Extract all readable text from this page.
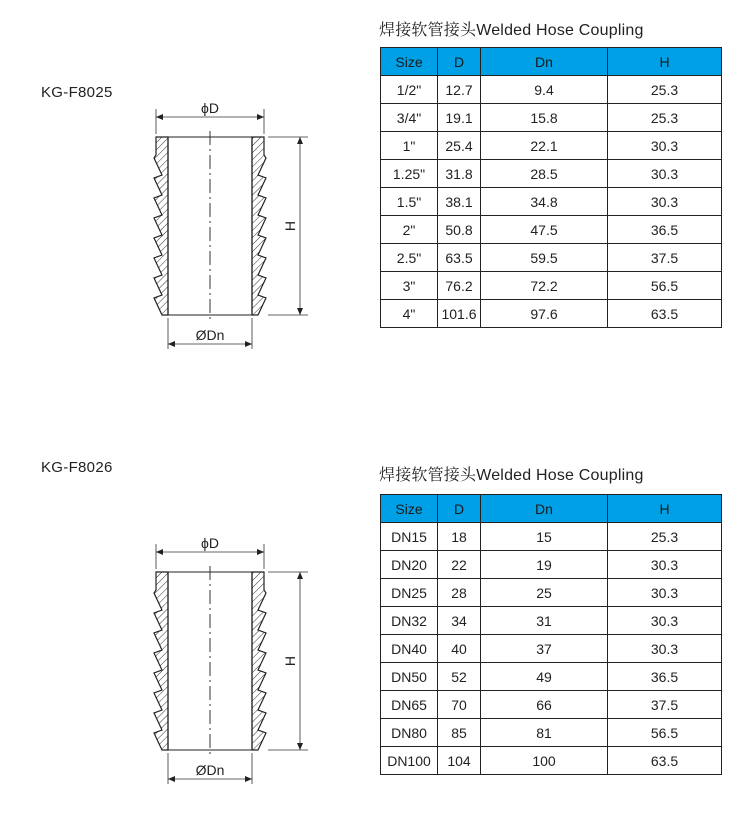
KG-F8025
焊接软管接头Welded Hose Coupling
Size	D	Dn	H
1/2"	12.7	9.4	25.3
3/4"	19.1	15.8	25.3
1"	25.4	22.1	30.3
1.25"	31.8	28.5	30.3
1.5"	38.1	34.8	30.3
2"	50.8	47.5	36.5
2.5"	63.5	59.5	37.5
3"	76.2	72.2	56.5
4"	101.6	97.6	63.5
ϕD
ØDn
H
KG-F8026	焊接软管接头Welded Hose Coupling
Size	D	Dn	H
DN15	18	15	25.3
DN20	22	19	30.3
DN25	28	25	30.3
DN32	34	31	30.3
DN40	40	37	30.3
DN50	52	49	36.5
DN65	70	66	37.5
DN80	85	81	56.5
DN100	104	100	63.5
ϕD
ØDn
H
